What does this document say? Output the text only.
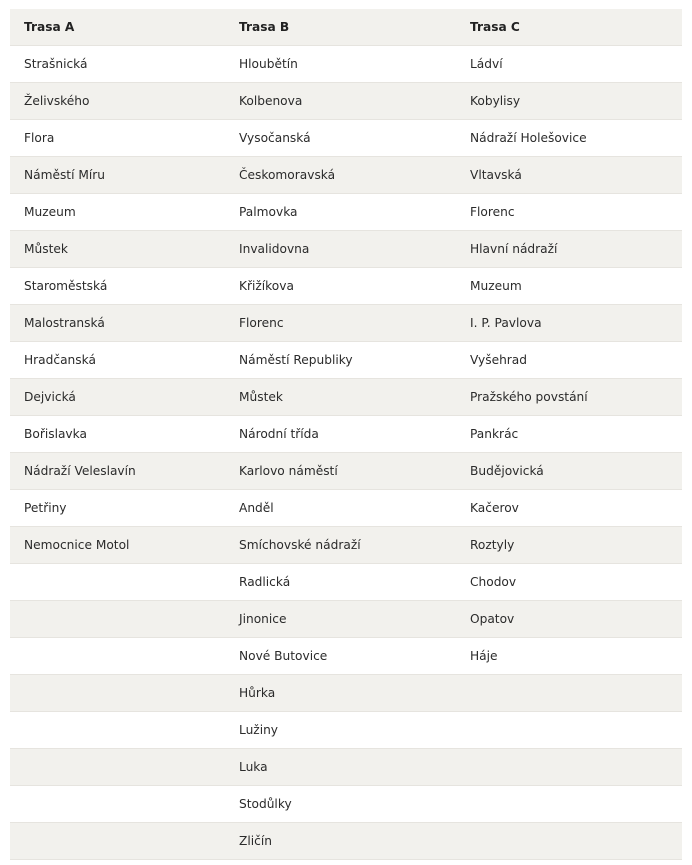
Trasa A	Trasa B	Trasa C
Strašnická	Hloubětín	Ládví
Želivského	Kolbenova	Kobylisy
Flora	Vysočanská	Nádraží Holešovice
Náměstí Míru	Českomoravská	Vltavská
Muzeum	Palmovka	Florenc
Můstek	Invalidovna	Hlavní nádraží
Staroměstská	Křižíkova	Muzeum
Malostranská	Florenc	I. P. Pavlova
Hradčanská	Náměstí Republiky	Vyšehrad
Dejvická	Můstek	Pražského povstání
Bořislavka	Národní třída	Pankrác
Nádraží Veleslavín	Karlovo náměstí	Budějovická
Petřiny	Anděl	Kačerov
Nemocnice Motol	Smíchovské nádraží	Roztyly
	Radlická	Chodov
	Jinonice	Opatov
	Nové Butovice	Háje
	Hůrka	
	Lužiny	
	Luka	
	Stodůlky	
	Zličín	
